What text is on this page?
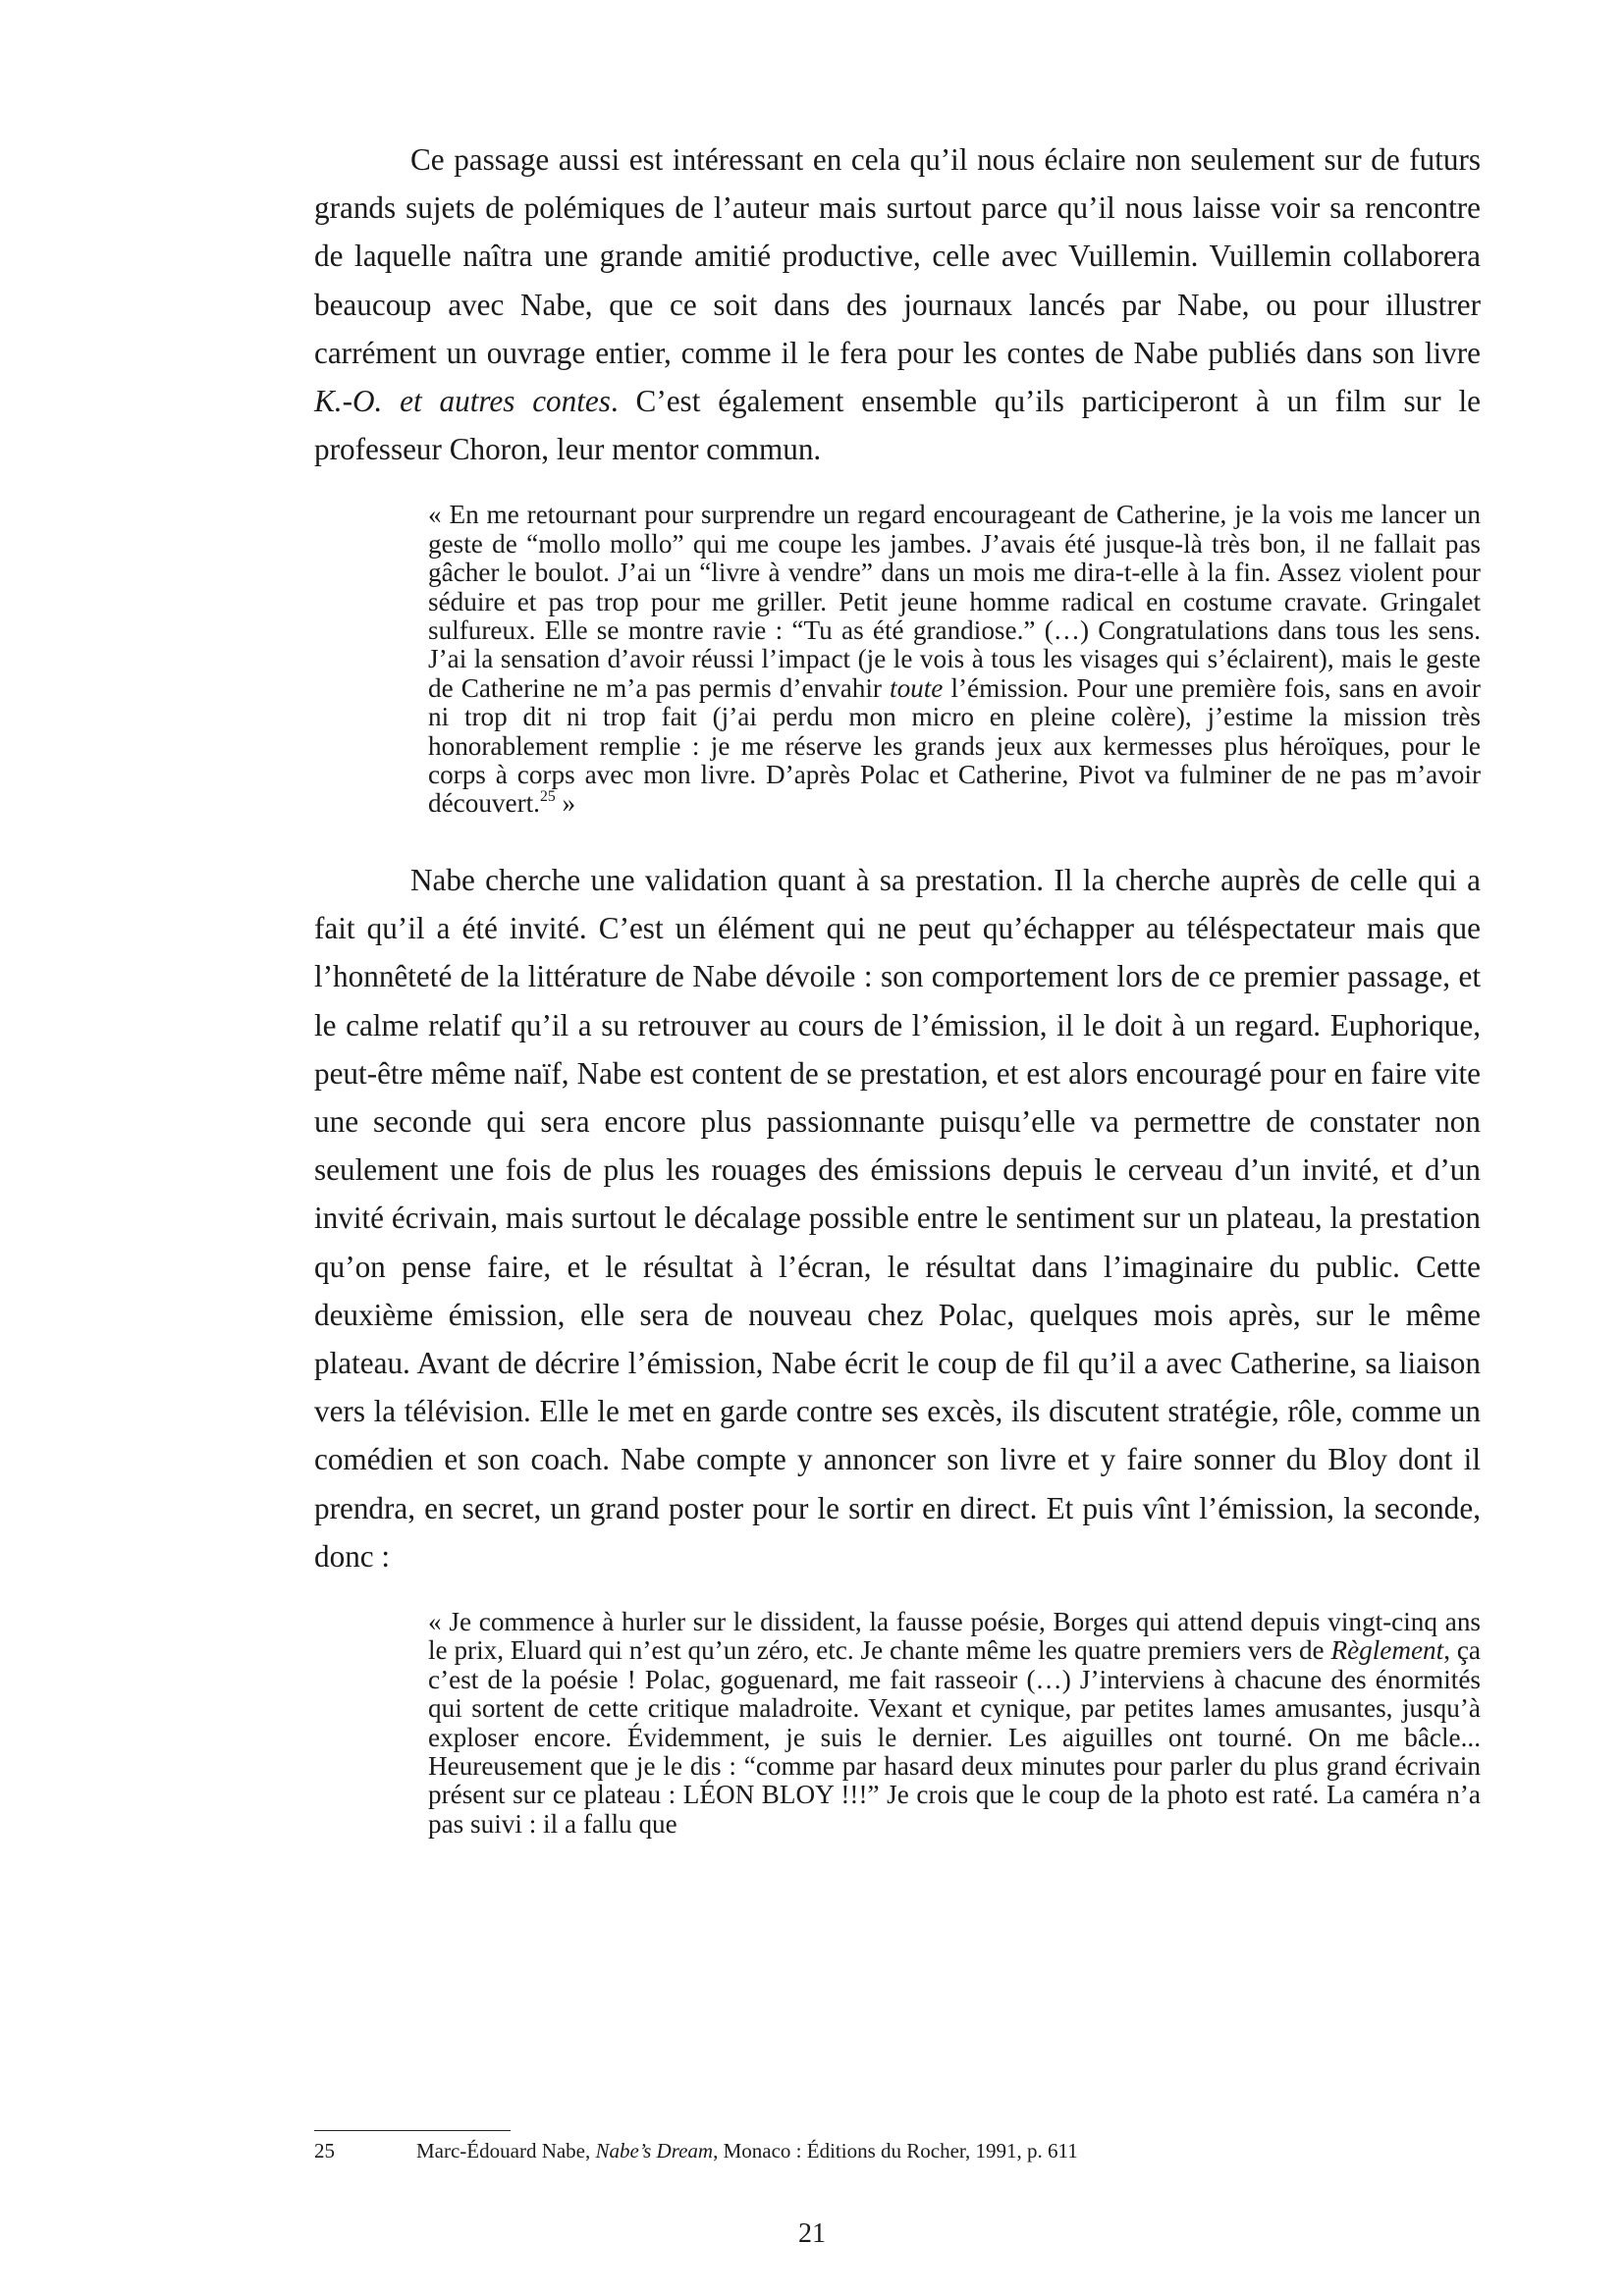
Ce passage aussi est intéressant en cela qu’il nous éclaire non seulement sur de futurs grands sujets de polémiques de l’auteur mais surtout parce qu’il nous laisse voir sa rencontre de laquelle naîtra une grande amitié productive, celle avec Vuillemin. Vuillemin collaborera beaucoup avec Nabe, que ce soit dans des journaux lancés par Nabe, ou pour illustrer carrément un ouvrage entier, comme il le fera pour les contes de Nabe publiés dans son livre K.-O. et autres contes. C’est également ensemble qu’ils participeront à un film sur le professeur Choron, leur mentor commun.

« En me retournant pour surprendre un regard encourageant de Catherine, je la vois me lancer un geste de “mollo mollo” qui me coupe les jambes. J’avais été jusque-là très bon, il ne fallait pas gâcher le boulot. J’ai un “livre à vendre” dans un mois me dira-t-elle à la fin. Assez violent pour séduire et pas trop pour me griller. Petit jeune homme radical en costume cravate. Gringalet sulfureux. Elle se montre ravie : “Tu as été grandiose.” (…) Congratulations dans tous les sens. J’ai la sensation d’avoir réussi l’impact (je le vois à tous les visages qui s’éclairent), mais le geste de Catherine ne m’a pas permis d’envahir toute l’émission. Pour une première fois, sans en avoir ni trop dit ni trop fait (j’ai perdu mon micro en pleine colère), j’estime la mission très honorablement remplie : je me réserve les grands jeux aux kermesses plus héroïques, pour le corps à corps avec mon livre. D’après Polac et Catherine, Pivot va fulminer de ne pas m’avoir découvert.$^{25}$ »

Nabe cherche une validation quant à sa prestation. Il la cherche auprès de celle qui a fait qu’il a été invité. C’est un élément qui ne peut qu’échapper au téléspectateur mais que l’honnêteté de la littérature de Nabe dévoile : son comportement lors de ce premier passage, et le calme relatif qu’il a su retrouver au cours de l’émission, il le doit à un regard. Euphorique, peut-être même naïf, Nabe est content de se prestation, et est alors encouragé pour en faire vite une seconde qui sera encore plus passionnante puisqu’elle va permettre de constater non seulement une fois de plus les rouages des émissions depuis le cerveau d’un invité, et d’un invité écrivain, mais surtout le décalage possible entre le sentiment sur un plateau, la prestation qu’on pense faire, et le résultat à l’écran, le résultat dans l’imaginaire du public. Cette deuxième émission, elle sera de nouveau chez Polac, quelques mois après, sur le même plateau. Avant de décrire l’émission, Nabe écrit le coup de fil qu’il a avec Catherine, sa liaison vers la télévision. Elle le met en garde contre ses excès, ils discutent stratégie, rôle, comme un comédien et son coach. Nabe compte y annoncer son livre et y faire sonner du Bloy dont il prendra, en secret, un grand poster pour le sortir en direct. Et puis vînt l’émission, la seconde, donc :

« Je commence à hurler sur le dissident, la fausse poésie, Borges qui attend depuis vingt-cinq ans le prix, Eluard qui n’est qu’un zéro, etc. Je chante même les quatre premiers vers de Règlement, ça c’est de la poésie ! Polac, goguenard, me fait rasseoir (…) J’interviens à chacune des énormités qui sortent de cette critique maladroite. Vexant et cynique, par petites lames amusantes, jusqu’à exploser encore. Évidemment, je suis le dernier. Les aiguilles ont tourné. On me bâcle... Heureusement que je le dis : “comme par hasard deux minutes pour parler du plus grand écrivain présent sur ce plateau : LÉON BLOY !!!” Je crois que le coup de la photo est raté. La caméra n’a pas suivi : il a fallu que

25	Marc-Édouard Nabe, Nabe’s Dream, Monaco : Éditions du Rocher, 1991, p. 611
21
